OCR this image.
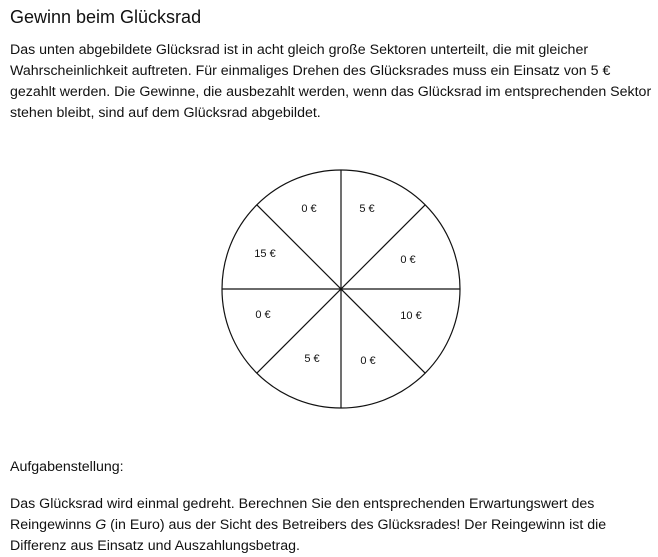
Gewinn beim Glücksrad
Das unten abgebildete Glücksrad ist in acht gleich große Sektoren unterteilt, die mit gleicher Wahrscheinlichkeit auftreten. Für einmaliges Drehen des Glücksrades muss ein Einsatz von 5 € gezahlt werden. Die Gewinne, die ausbezahlt werden, wenn das Glücksrad im entsprechenden Sektor stehen bleibt, sind auf dem Glücksrad abgebildet.
5 €
0 €
10 €
0 €
5 €
0 €
15 €
0 €
Aufgabenstellung:
Das Glücksrad wird einmal gedreht. Berechnen Sie den entsprechenden Erwartungswert des Reingewinns G (in Euro) aus der Sicht des Betreibers des Glücksrades! Der Reingewinn ist die Differenz aus Einsatz und Auszahlungsbetrag.
